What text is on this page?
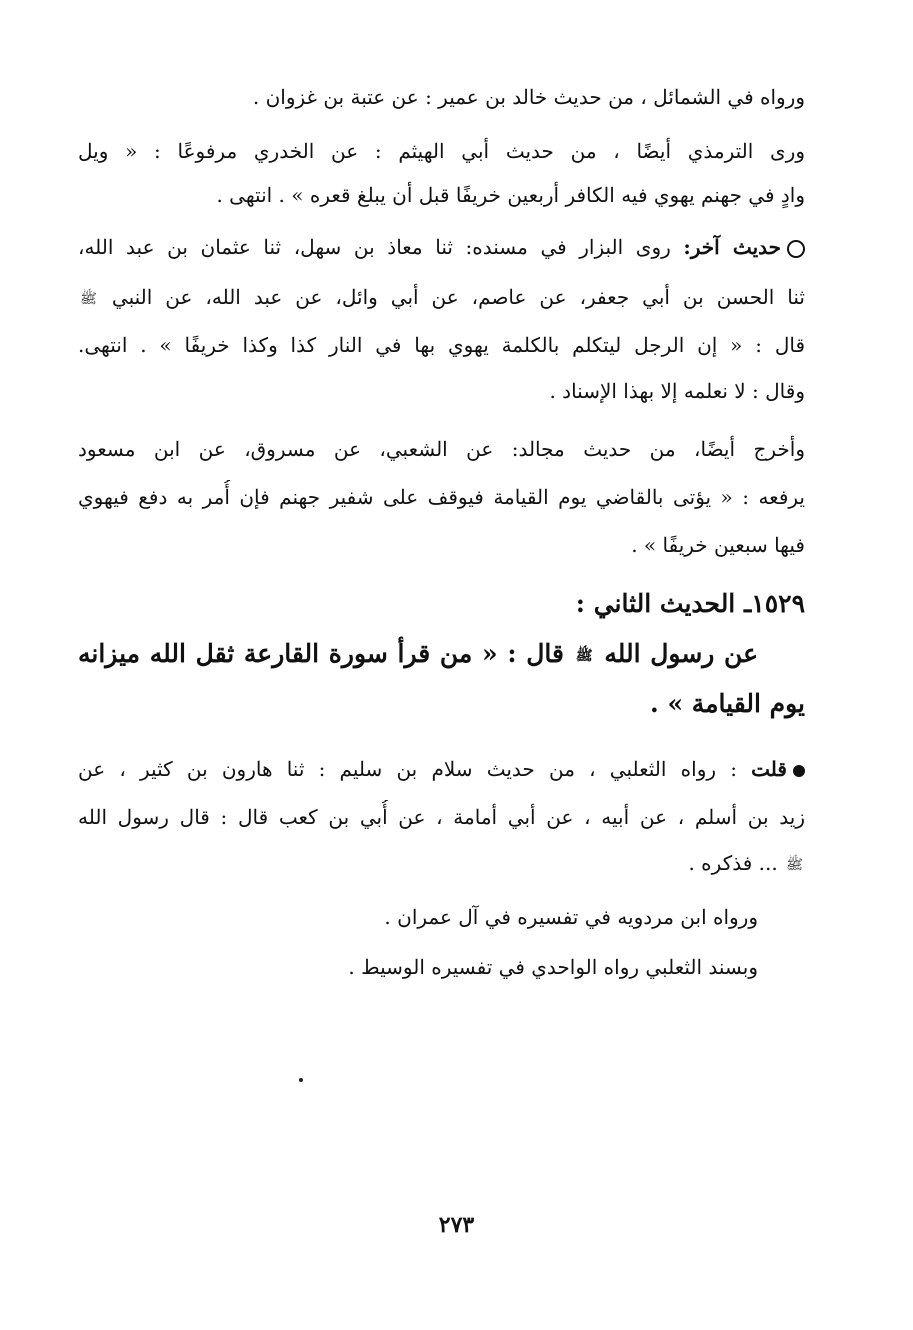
ورواه في الشمائل ، من حديث خالد بن عمير : عن عتبة بن غزوان .
ورى الترمذي أيضًا ، من حديث أبي الهيثم : عن الخدري مرفوعًا : « ويل
وادٍ في جهنم يهوي فيه الكافر أربعين خريفًا قبل أن يبلغ قعره » . انتهى .
حديث آخر: روى البزار في مسنده: ثنا معاذ بن سهل، ثنا عثمان بن عبد الله،
ثنا الحسن بن أبي جعفر، عن عاصم، عن أبي وائل، عن عبد الله، عن النبي ﷺ
قال : « إن الرجل ليتكلم بالكلمة يهوي بها في النار كذا وكذا خريفًا » . انتهى.
وقال : لا نعلمه إلا بهذا الإسناد .
وأخرج أيضًا، من حديث مجالد: عن الشعبي، عن مسروق، عن ابن مسعود
يرفعه : « يؤتى بالقاضي يوم القيامة فيوقف على شفير جهنم فإن أُمر به دفع فيهوي
فيها سبعين خريفًا » .
١٥٢٩ـ الحديث الثاني :
عن رسول الله ﷺ قال : « من قرأ سورة القارعة ثقل الله ميزانه
يوم القيامة » .
قلت : رواه الثعلبي ، من حديث سلام بن سليم : ثنا هارون بن كثير ، عن
زيد بن أسلم ، عن أبيه ، عن أبي أمامة ، عن أُبي بن كعب قال : قال رسول الله
ﷺ ... فذكره .
ورواه ابن مردويه في تفسيره في آل عمران .
وبسند الثعلبي رواه الواحدي في تفسيره الوسيط .
٢٧٣
